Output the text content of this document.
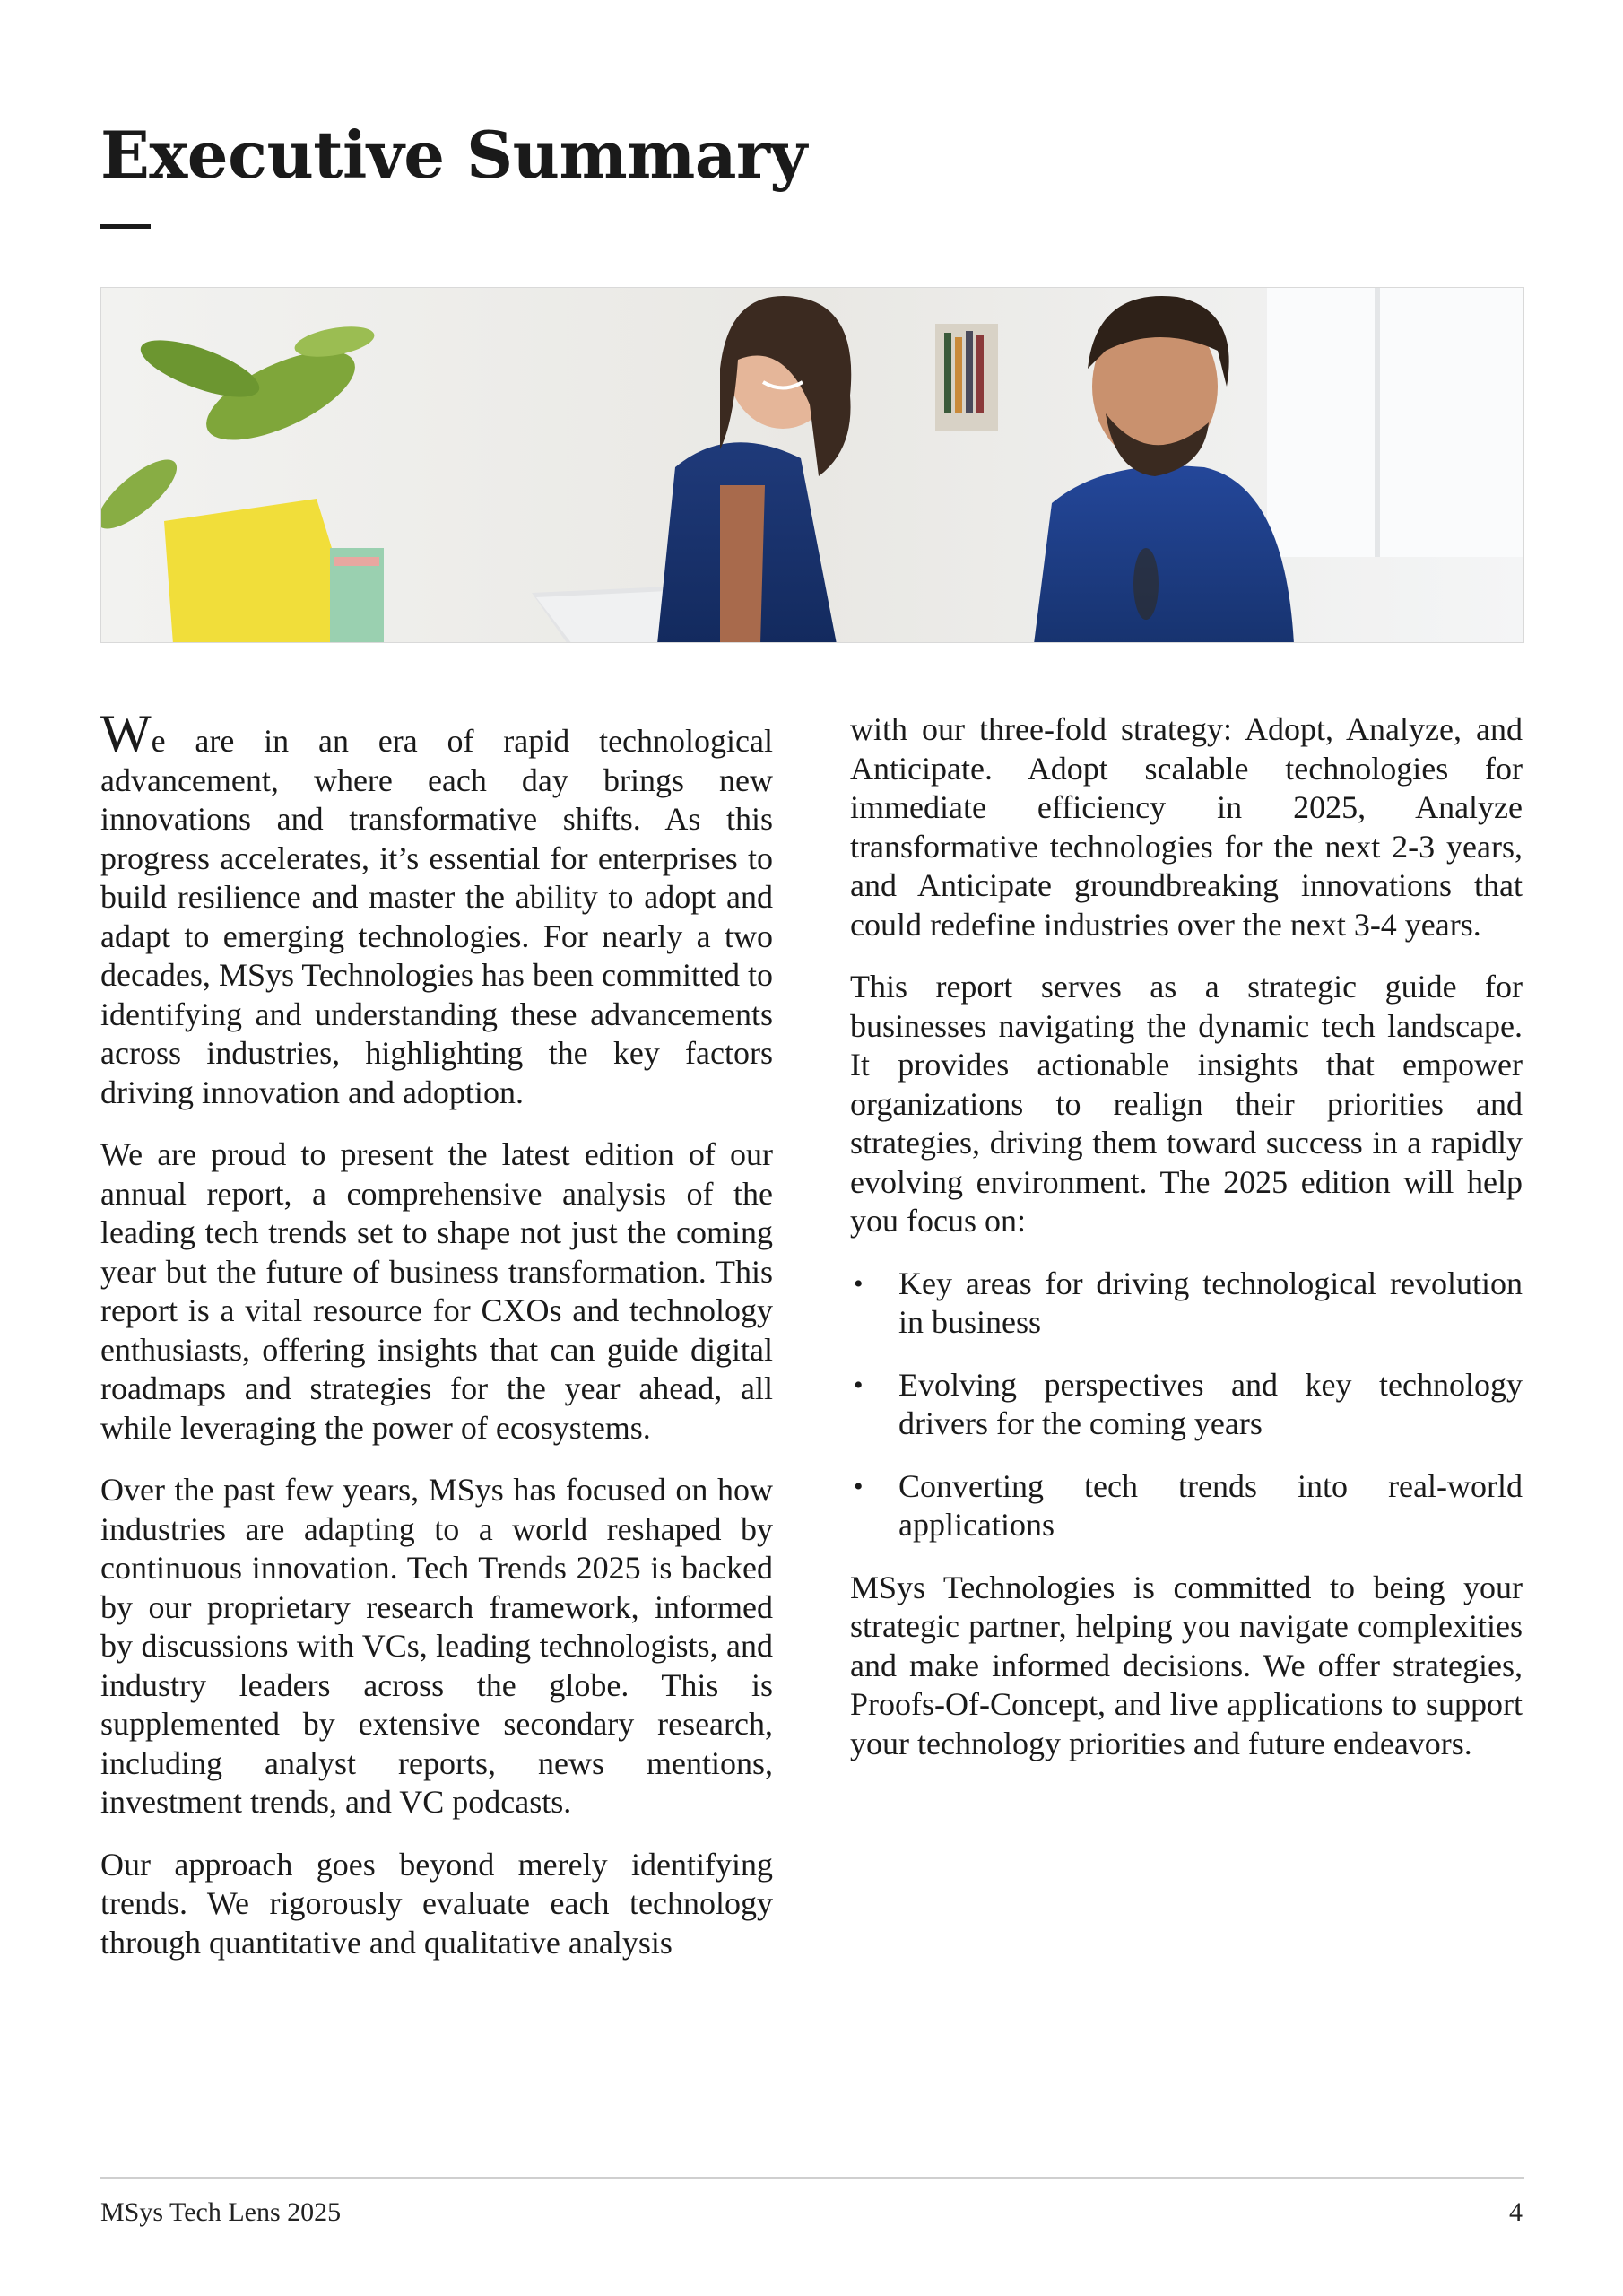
Executive Summary

We are in an era of rapid technological advancement, where each day brings new innovations and transformative shifts. As this progress accelerates, it’s essential for enterprises to build resilience and master the ability to adopt and adapt to emerging technologies. For nearly a two decades, MSys Technologies has been committed to identifying and understanding these advancements across industries, highlighting the key factors driving innovation and adoption.

We are proud to present the latest edition of our annual report, a comprehensive analysis of the leading tech trends set to shape not just the coming year but the future of business transformation. This report is a vital resource for CXOs and technology enthusiasts, offering insights that can guide digital roadmaps and strategies for the year ahead, all while leveraging the power of ecosystems.

Over the past few years, MSys has focused on how industries are adapting to a world reshaped by continuous innovation. Tech Trends 2025 is backed by our proprietary research framework, informed by discussions with VCs, leading technologists, and industry leaders across the globe. This is supplemented by extensive secondary research, including analyst reports, news mentions, investment trends, and VC podcasts.

Our approach goes beyond merely identifying trends. We rigorously evaluate each technology through quantitative and qualitative analysis

with our three-fold strategy: Adopt, Analyze, and Anticipate. Adopt scalable technologies for immediate efficiency in 2025, Analyze transformative technologies for the next 2-3 years, and Anticipate groundbreaking innovations that could redefine industries over the next 3-4 years.

This report serves as a strategic guide for businesses navigating the dynamic tech landscape. It provides actionable insights that empower organizations to realign their priorities and strategies, driving them toward success in a rapidly evolving environment. The 2025 edition will help you focus on:

• Key areas for driving technological revolution in business
• Evolving perspectives and key technology drivers for the coming years
• Converting tech trends into real-world applications

MSys Technologies is committed to being your strategic partner, helping you navigate complexities and make informed decisions. We offer strategies, Proofs-Of-Concept, and live applications to support your technology priorities and future endeavors.

MSys Tech Lens 2025	4
